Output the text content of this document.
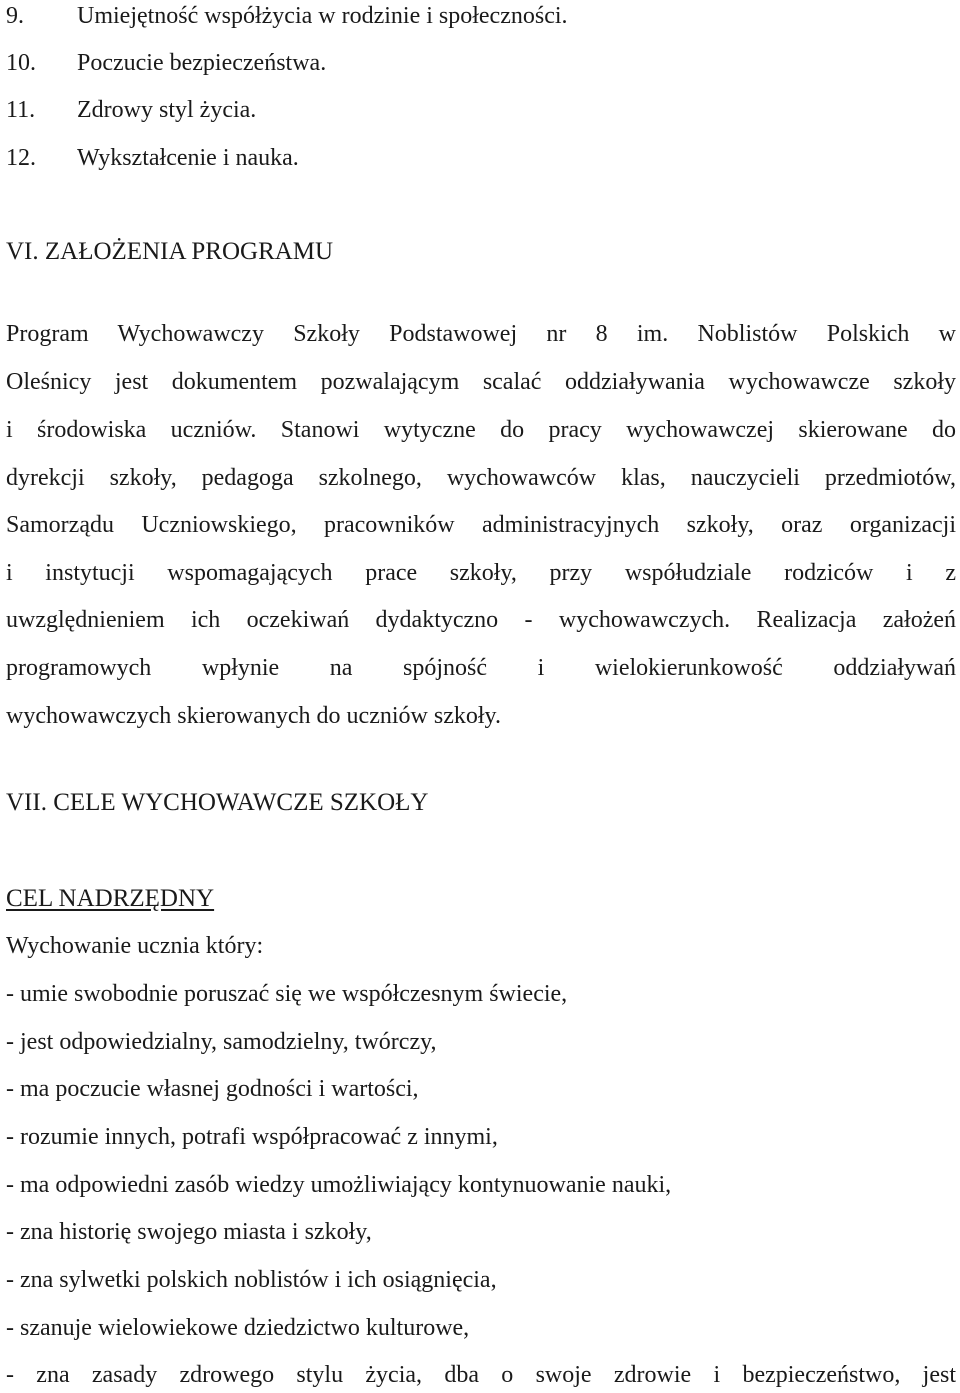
9. Umiejętność współżycia w rodzinie i społeczności.
10. Poczucie bezpieczeństwa.
11. Zdrowy styl życia.
12. Wykształcenie i nauka.
VI. ZAŁOŻENIA PROGRAMU
Program Wychowawczy Szkoły Podstawowej nr 8 im. Noblistów Polskich w
Oleśnicy jest dokumentem pozwalającym scalać oddziaływania wychowawcze szkoły
i środowiska uczniów. Stanowi wytyczne do pracy wychowawczej skierowane do
dyrekcji szkoły, pedagoga szkolnego, wychowawców klas, nauczycieli przedmiotów,
Samorządu Uczniowskiego, pracowników administracyjnych szkoły, oraz organizacji
i instytucji wspomagających prace szkoły, przy współudziale rodziców i z
uwzględnieniem ich oczekiwań dydaktyczno - wychowawczych. Realizacja założeń
programowych wpłynie na spójność i wielokierunkowość oddziaływań
wychowawczych skierowanych do uczniów szkoły.
VII. CELE WYCHOWAWCZE SZKOŁY
CEL NADRZĘDNY
Wychowanie ucznia który:
- umie swobodnie poruszać się we współczesnym świecie,
- jest odpowiedzialny, samodzielny, twórczy,
- ma poczucie własnej godności i wartości,
- rozumie innych, potrafi współpracować z innymi,
- ma odpowiedni zasób wiedzy umożliwiający kontynuowanie nauki,
- zna historię swojego miasta i szkoły,
- zna sylwetki polskich noblistów i ich osiągnięcia,
- szanuje wielowiekowe dziedzictwo kulturowe,
- zna zasady zdrowego stylu życia, dba o swoje zdrowie i bezpieczeństwo, jest
